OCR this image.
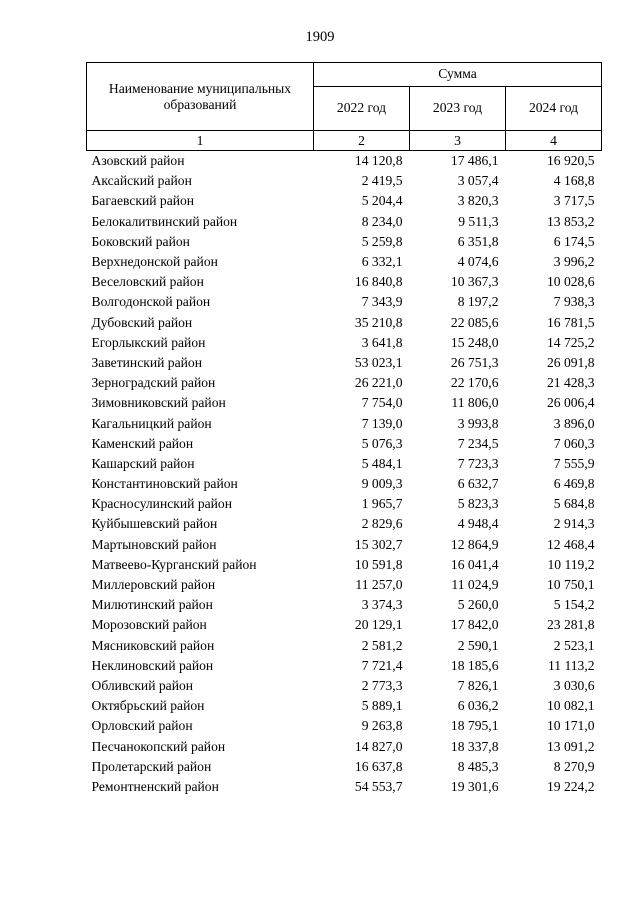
1909
Наименование муниципальных образований	Сумма		
	2022 год	2023 год	2024 год
1	2	3	4
Азовский район	14 120,8	17 486,1	16 920,5
Аксайский район	2 419,5	3 057,4	4 168,8
Багаевский район	5 204,4	3 820,3	3 717,5
Белокалитвинский район	8 234,0	9 511,3	13 853,2
Боковский район	5 259,8	6 351,8	6 174,5
Верхнедонской район	6 332,1	4 074,6	3 996,2
Веселовский район	16 840,8	10 367,3	10 028,6
Волгодонской район	7 343,9	8 197,2	7 938,3
Дубовский район	35 210,8	22 085,6	16 781,5
Егорлыкский район	3 641,8	15 248,0	14 725,2
Заветинский район	53 023,1	26 751,3	26 091,8
Зерноградский район	26 221,0	22 170,6	21 428,3
Зимовниковский район	7 754,0	11 806,0	26 006,4
Кагальницкий район	7 139,0	3 993,8	3 896,0
Каменский район	5 076,3	7 234,5	7 060,3
Кашарский район	5 484,1	7 723,3	7 555,9
Константиновский район	9 009,3	6 632,7	6 469,8
Красносулинский район	1 965,7	5 823,3	5 684,8
Куйбышевский район	2 829,6	4 948,4	2 914,3
Мартыновский район	15 302,7	12 864,9	12 468,4
Матвеево-Курганский район	10 591,8	16 041,4	10 119,2
Миллеровский район	11 257,0	11 024,9	10 750,1
Милютинский район	3 374,3	5 260,0	5 154,2
Морозовский район	20 129,1	17 842,0	23 281,8
Мясниковский район	2 581,2	2 590,1	2 523,1
Неклиновский район	7 721,4	18 185,6	11 113,2
Обливский район	2 773,3	7 826,1	3 030,6
Октябрьский район	5 889,1	6 036,2	10 082,1
Орловский район	9 263,8	18 795,1	10 171,0
Песчанокопский район	14 827,0	18 337,8	13 091,2
Пролетарский район	16 637,8	8 485,3	8 270,9
Ремонтненский район	54 553,7	19 301,6	19 224,2
